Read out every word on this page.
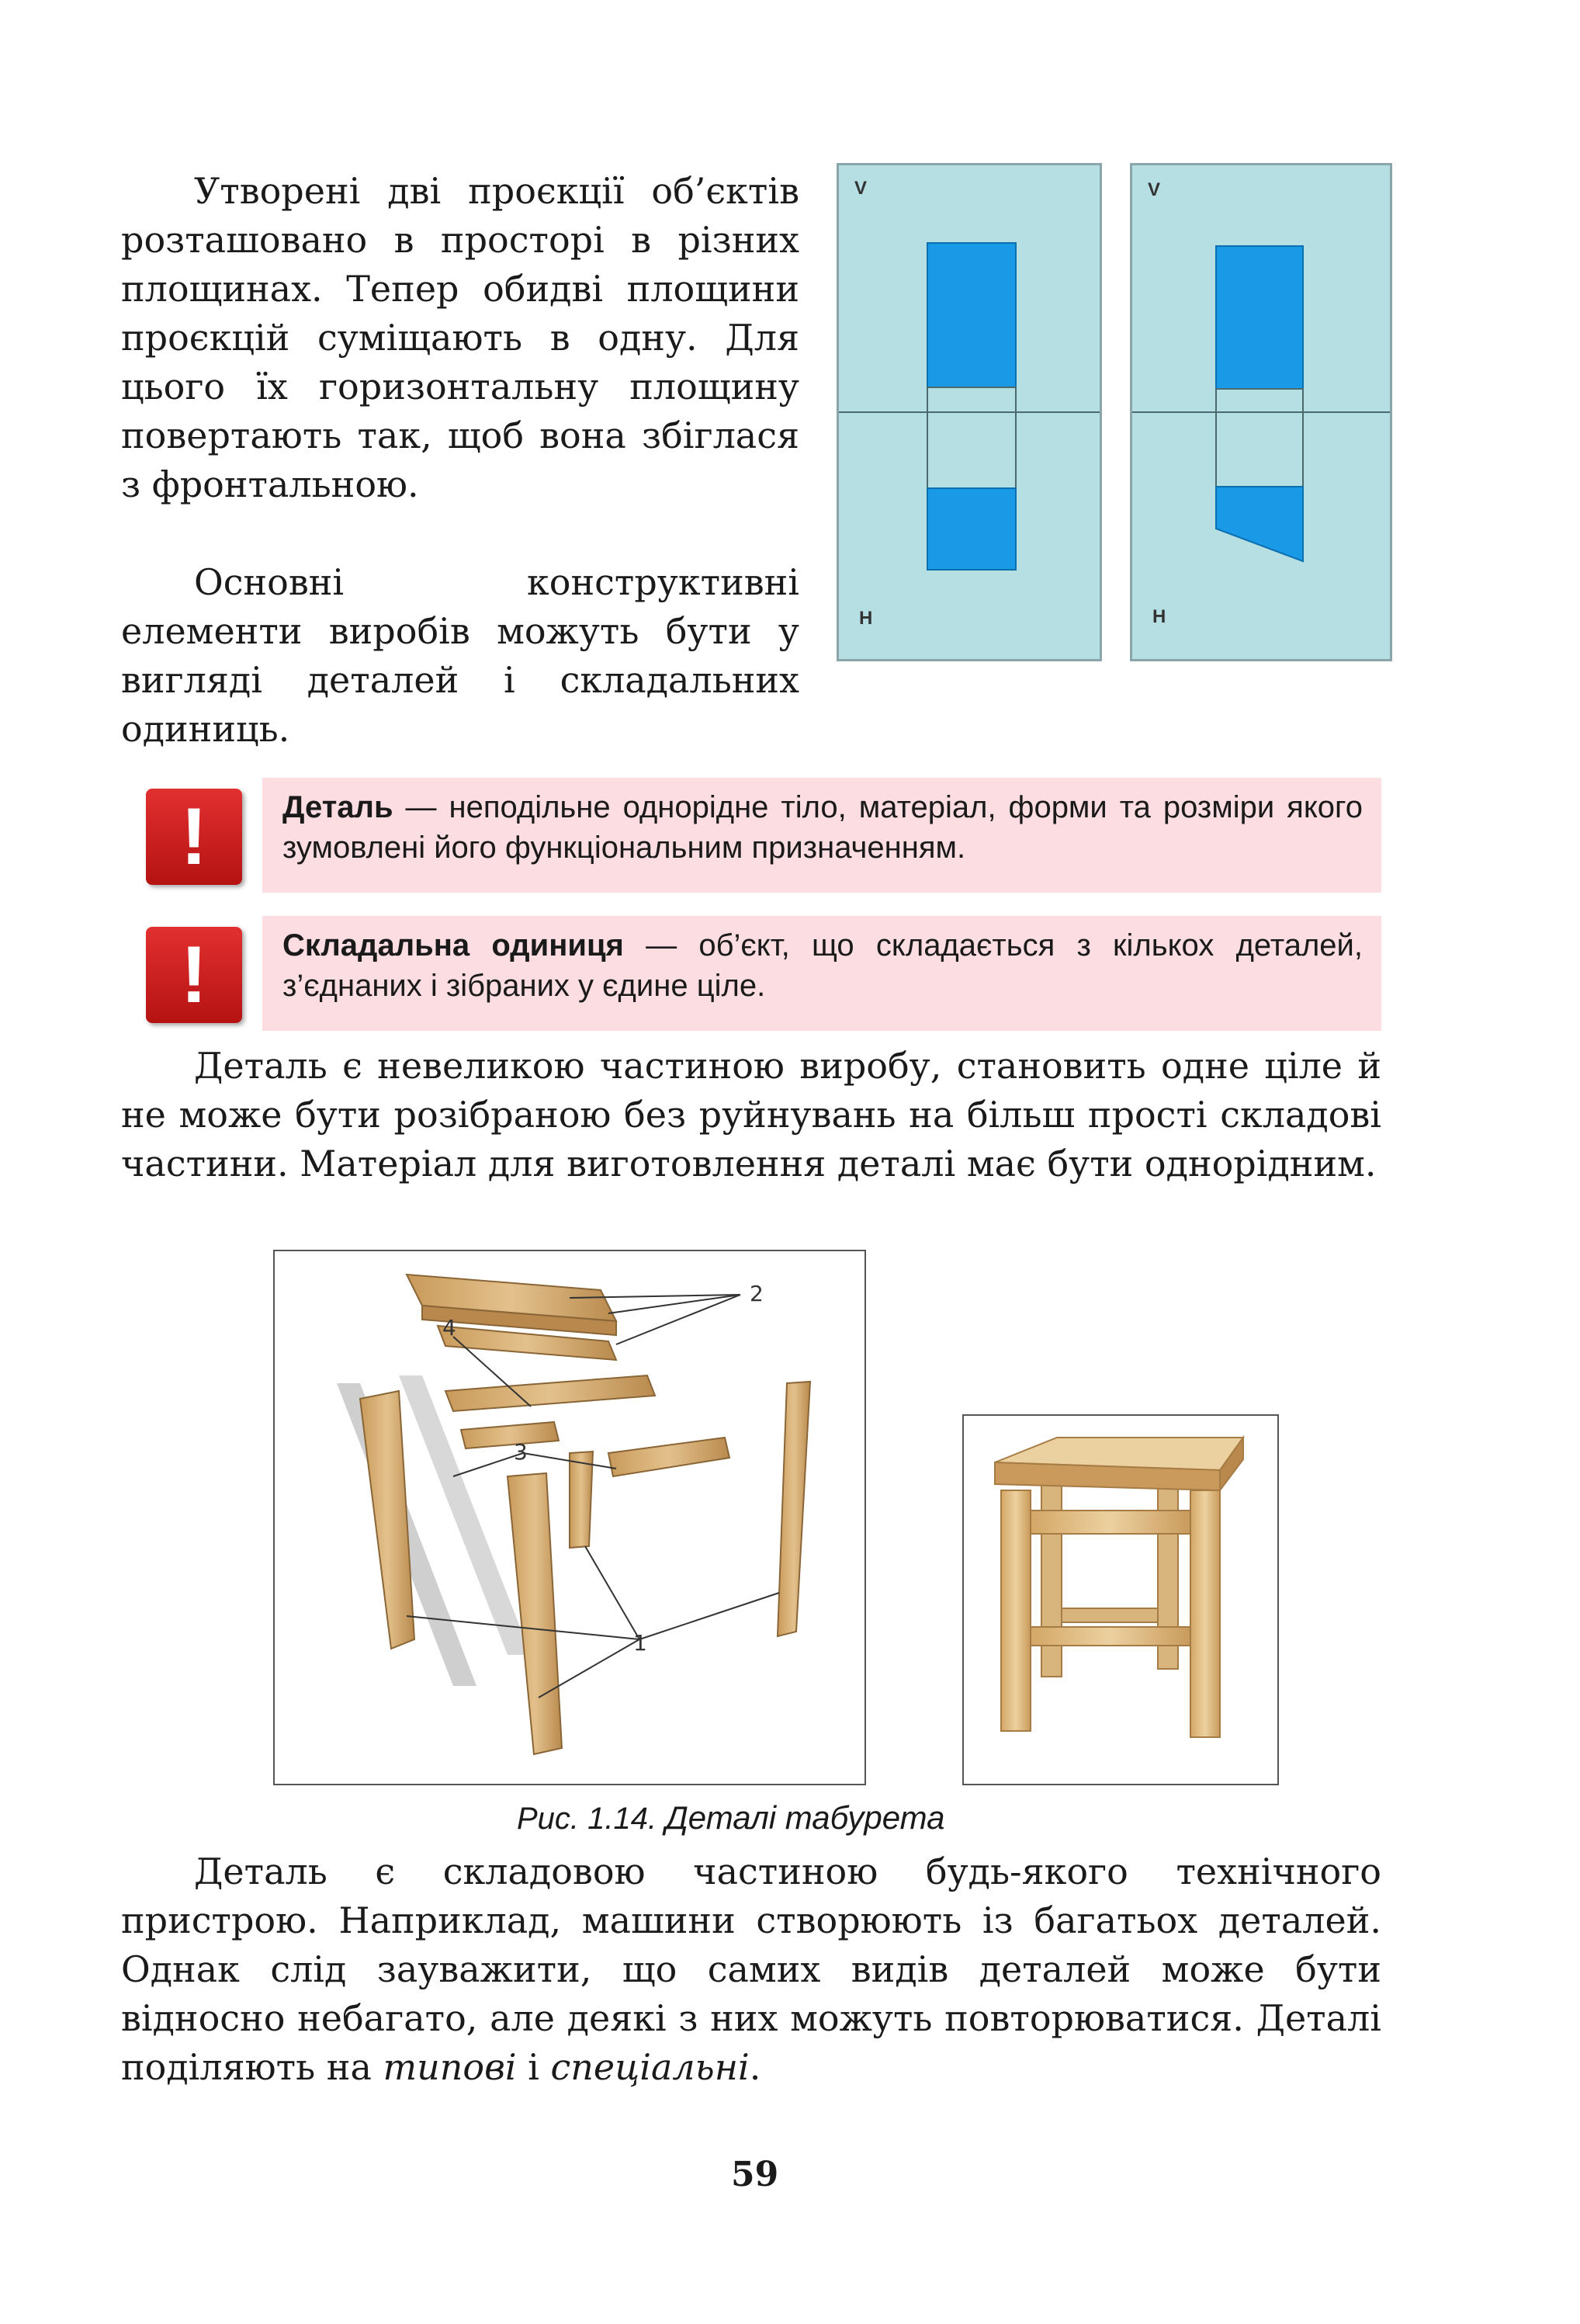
Утворені дві проєкції об’єктів розташовано в просторі в різних площинах. Тепер обидві площини проєкцій суміщають в одну. Для цього їх горизонтальну площину повертають так, щоб вона збіглася з фронтальною.

Основні конструктивні елементи виробів можуть бути у вигляді деталей і складальних одиниць.

V
H
V
H
!	Деталь — неподільне однорідне тіло, матеріал, форми та розміри якого зумовлені його функціональним призначенням.
!	Складальна одиниця — об’єкт, що складається з кількох деталей, з’єднаних і зібраних у єдине ціле.

Деталь є невеликою частиною виробу, становить одне ціле й не може бути розібраною без руйнувань на більш прості складові частини. Матеріал для виготовлення деталі має бути однорідним.

2
4
3
1
Рис. 1.14. Деталі табурета

Деталь є складовою частиною будь-якого технічного пристрою. Наприклад, машини створюють із багатьох деталей. Однак слід зауважити, що самих видів деталей може бути відносно небагато, але деякі з них можуть повторюватися. Деталі поділяють на типові і спеціальні.

59
